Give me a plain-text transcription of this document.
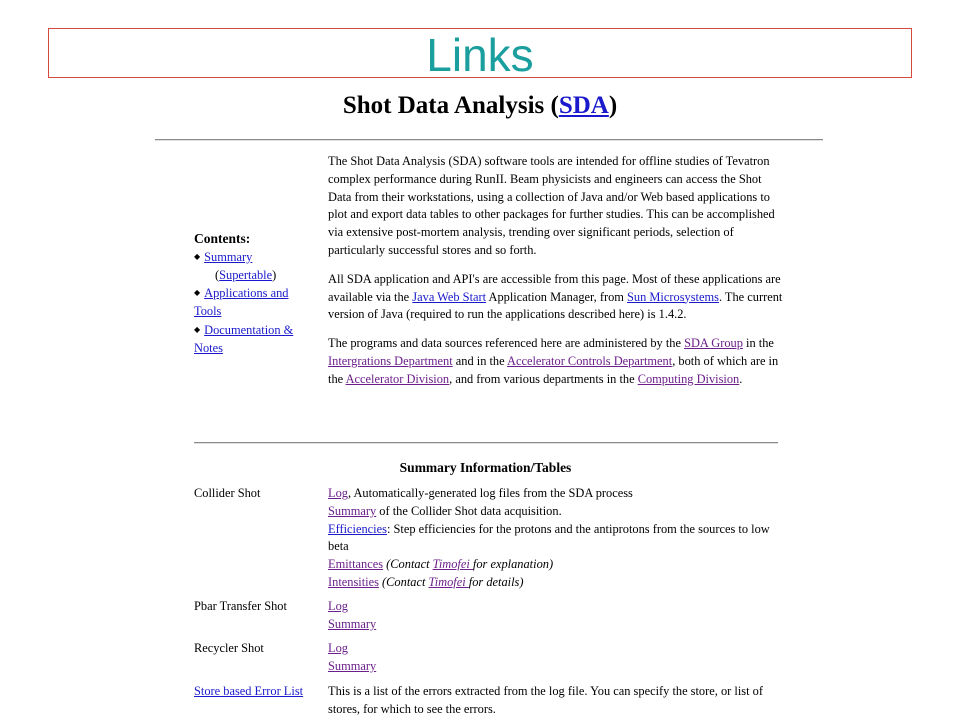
Links
Shot Data Analysis (SDA)
Contents:
◆ Summary
(Supertable)
◆ Applications and Tools
◆ Documentation & Notes

The Shot Data Analysis (SDA) software tools are intended for offline studies of Tevatron complex performance during RunII. Beam physicists and engineers can access the Shot Data from their workstations, using a collection of Java and/or Web based applications to plot and export data tables to other packages for further studies. This can be accomplished via extensive post-mortem analysis, trending over significant periods, selection of particularly successful stores and so forth.

All SDA application and API's are accessible from this page. Most of these applications are available via the Java Web Start Application Manager, from Sun Microsystems. The current version of Java (required to run the applications described here) is 1.4.2.

The programs and data sources referenced here are administered by the SDA Group in the Intergrations Department and in the Accelerator Controls Department, both of which are in the Accelerator Division, and from various departments in the Computing Division.

Summary Information/Tables
Collider Shot	Log, Automatically-generated log files from the SDA process
Summary of the Collider Shot data acquisition.
Efficiencies: Step efficiencies for the protons and the antiprotons from the sources to low beta
Emittances (Contact Timofei for explanation)
Intensities (Contact Timofei for details)
Pbar Transfer Shot	Log
Summary
Recycler Shot	Log
Summary
Store based Error List	This is a list of the errors extracted from the log file. You can specify the store, or list of stores, for which to see the errors.
